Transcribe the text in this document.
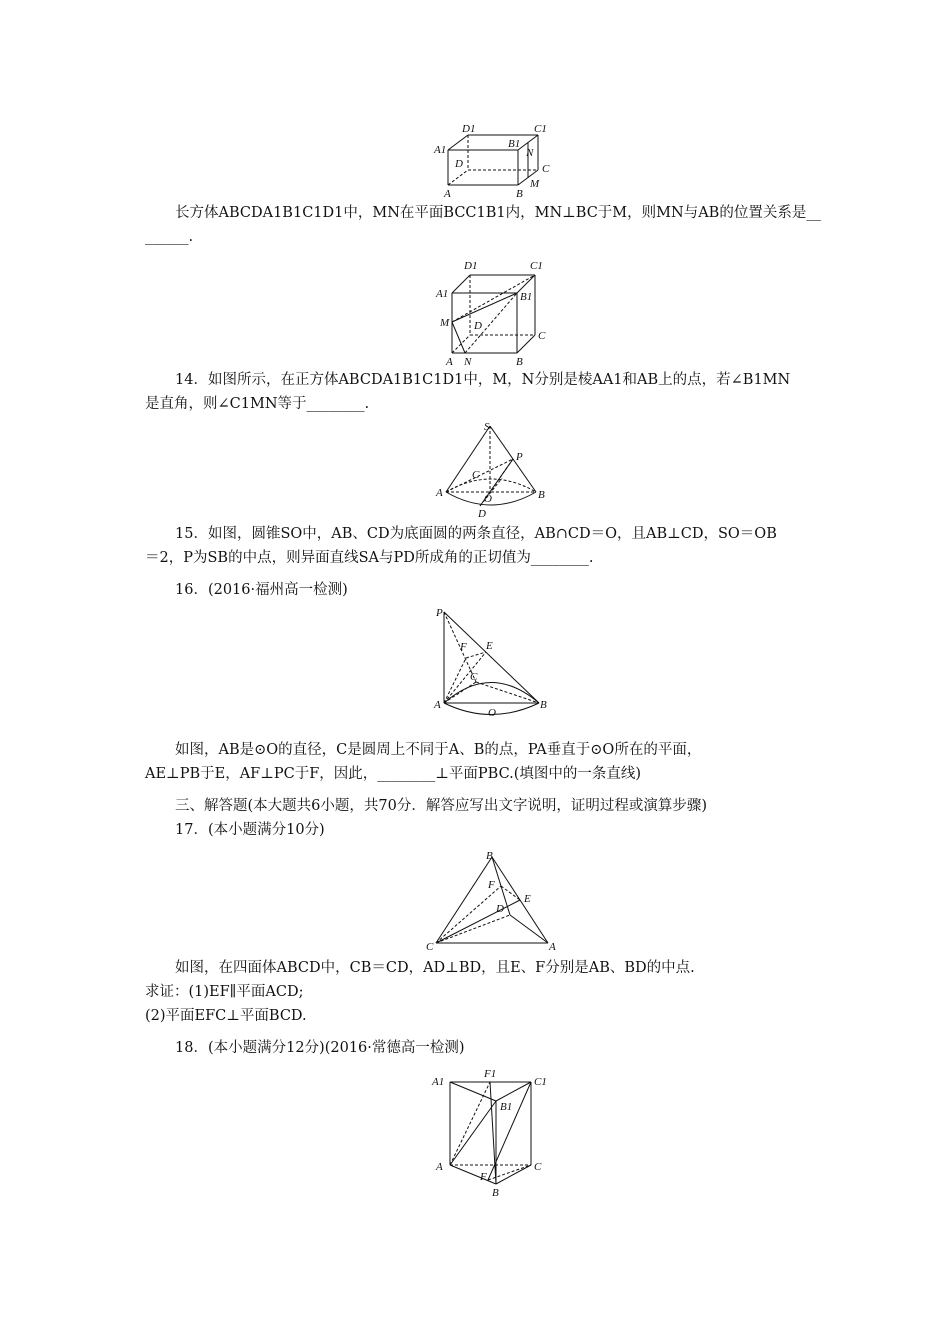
D1	C1
A1	B1
D
N
C
A	B
M
长方体ABCDA1B1C1D1中，MN在平面BCC1B1内，MN⊥BC于M，则MN与AB的位置关系是__
______.
D1	C1
A1	B1
M D
C
A N	B
14．如图所示，在正方体ABCDA1B1C1D1中，M，N分别是棱AA1和AB上的点，若∠B1MN
是直角，则∠C1MN等于________.
S
P
C
A	O	B
D
15．如图，圆锥SO中，AB、CD为底面圆的两条直径，AB∩CD＝O，且AB⊥CD，SO＝OB
＝2，P为SB的中点，则异面直线SA与PD所成角的正切值为________.
16．(2016·福州高一检测)
P
F E
C
A
O
B
如图，AB是⊙O的直径，C是圆周上不同于A、B的点，PA垂直于⊙O所在的平面，
AE⊥PB于E，AF⊥PC于F，因此，________⊥平面PBC.(填图中的一条直线)
三、解答题(本大题共6小题，共70分．解答应写出文字说明，证明过程或演算步骤)
17．(本小题满分10分)
B
F
E
D
C	A
如图，在四面体ABCD中，CB＝CD，AD⊥BD，且E、F分别是AB、BD的中点.
求证：(1)EF∥平面ACD;
(2)平面EFC⊥平面BCD.
18．(本小题满分12分)(2016·常德高一检测)
A1
F1
C1
B1
A	C
F
B
